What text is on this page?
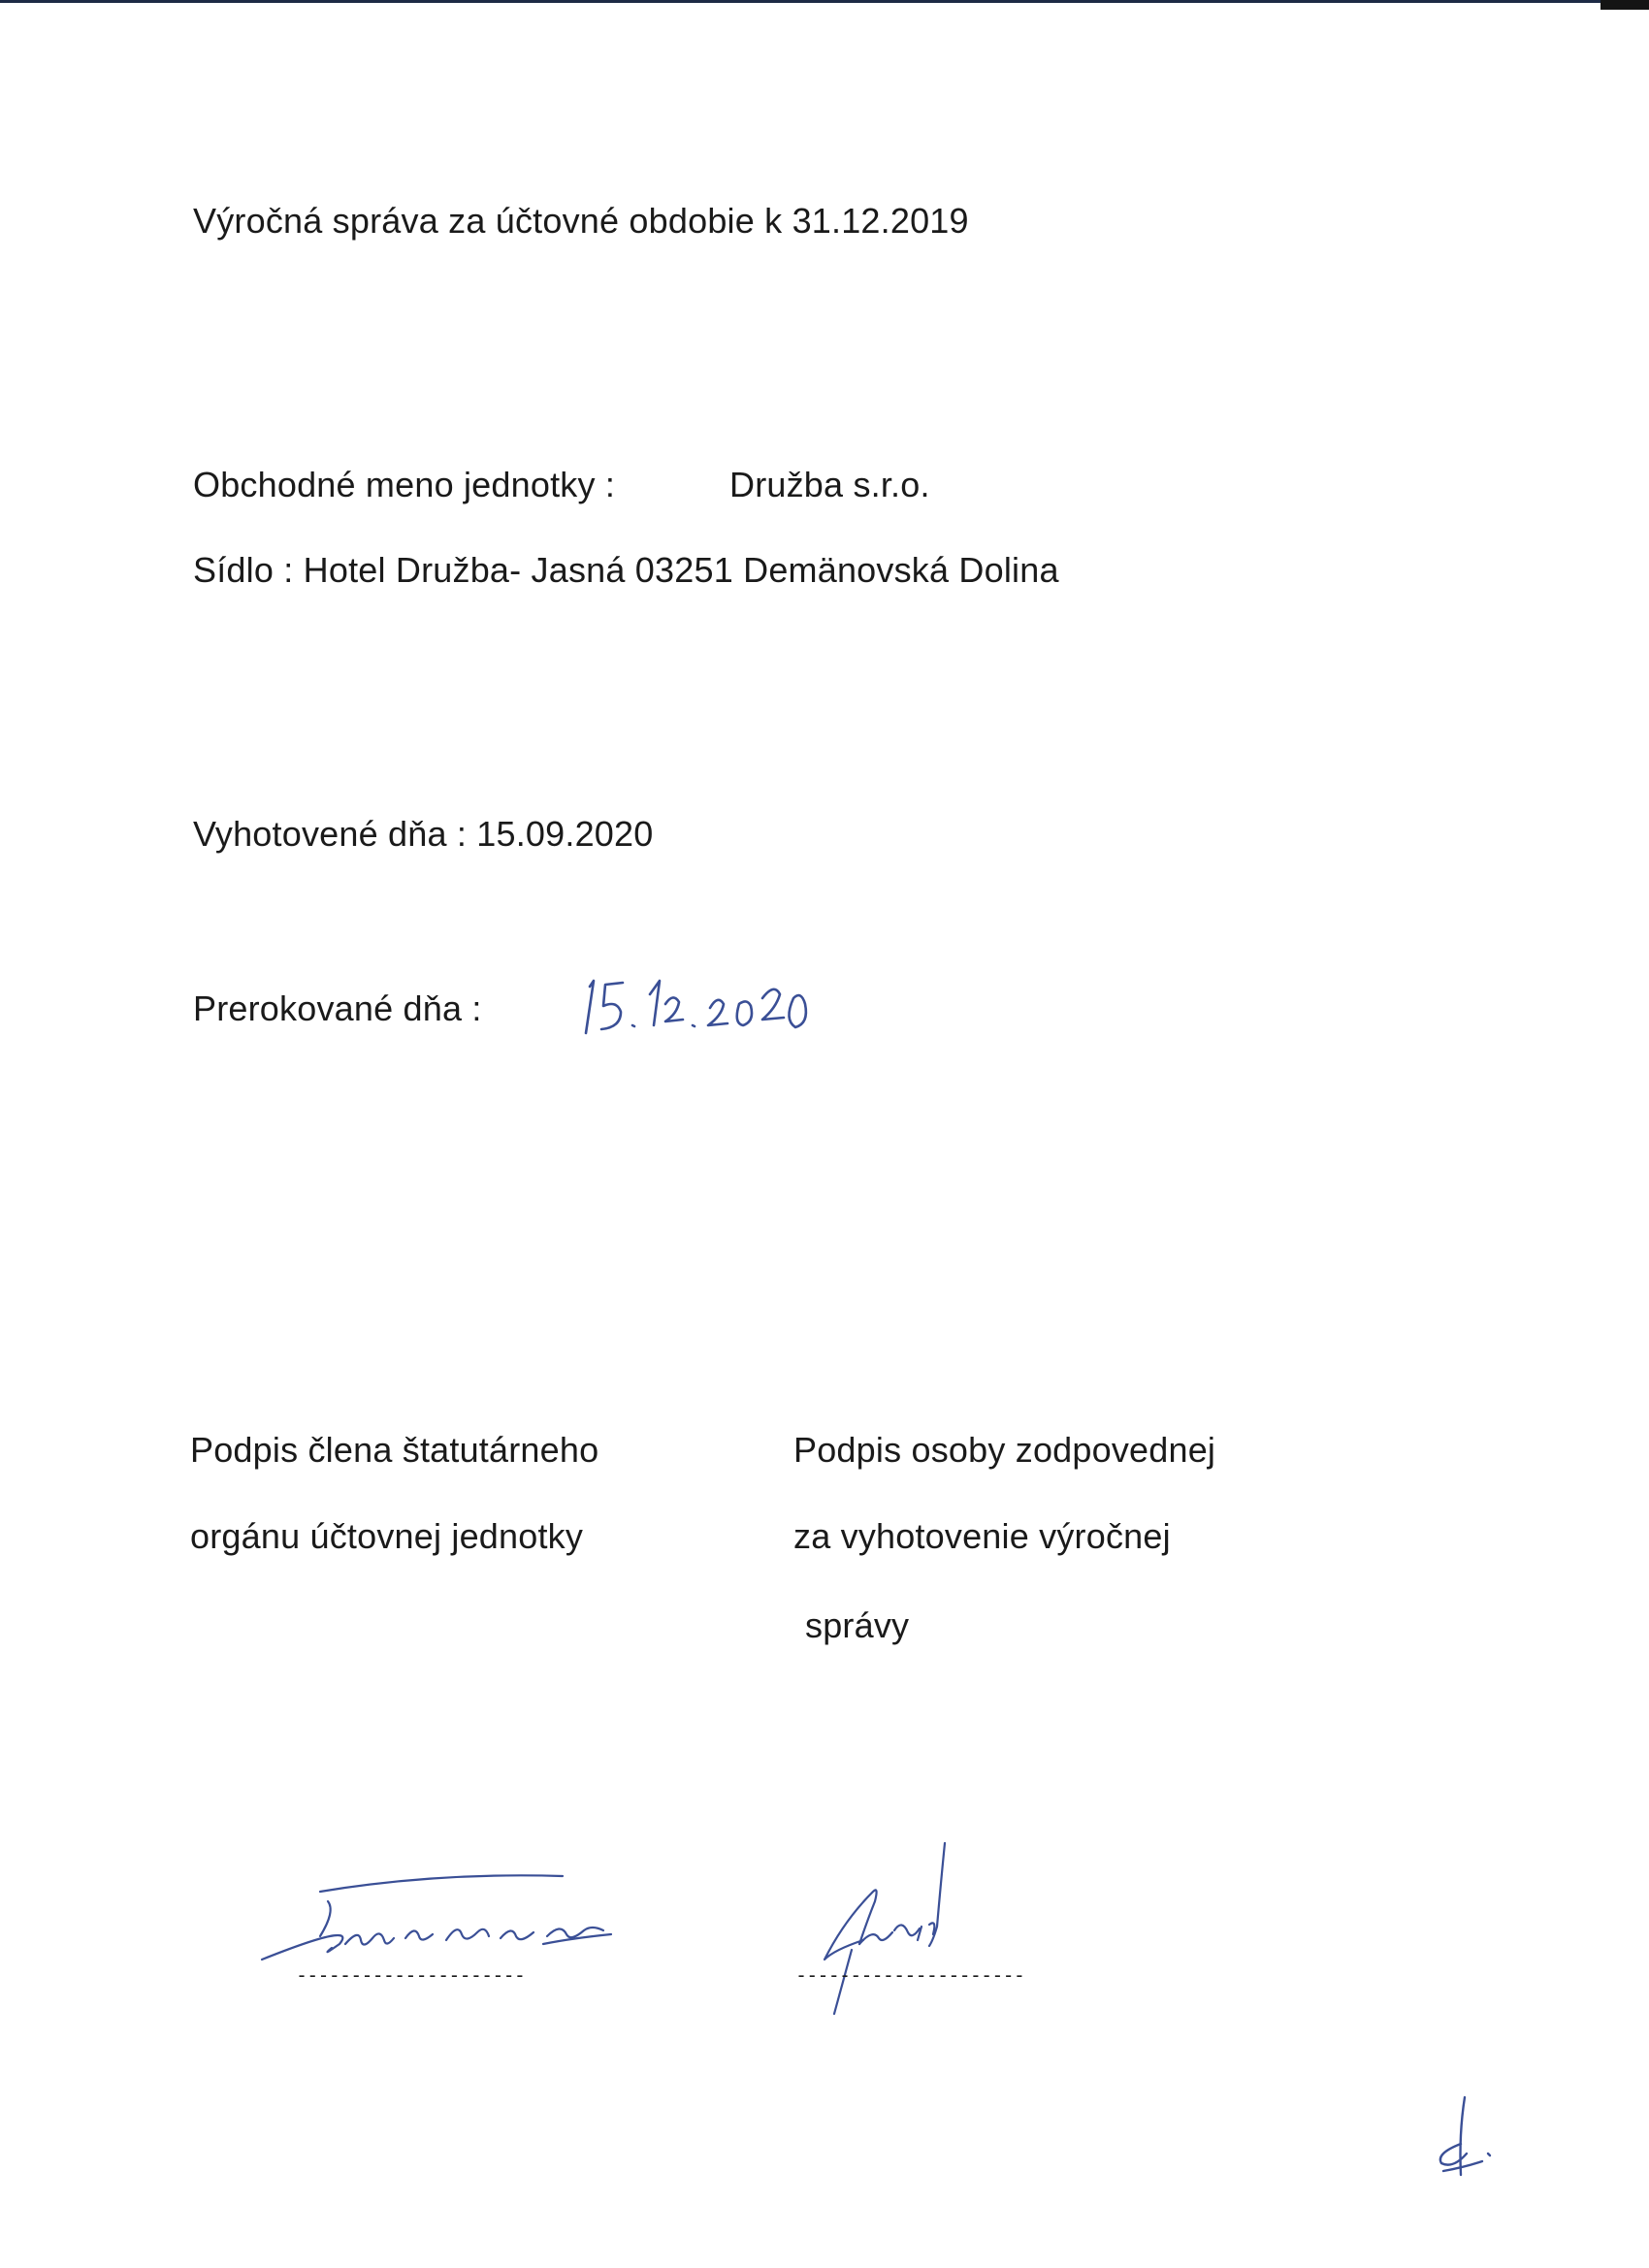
Výročná správa za účtovné obdobie k 31.12.2019
Obchodné meno jednotky :	Družba s.r.o.
Sídlo : Hotel Družba- Jasná 03251 Demänovská Dolina
Vyhotovené dňa : 15.09.2020
Prerokované dňa :
Podpis člena štatutárneho
orgánu účtovnej jednotky
Podpis osoby zodpovednej
za vyhotovenie výročnej
správy
---------------------	---------------------
